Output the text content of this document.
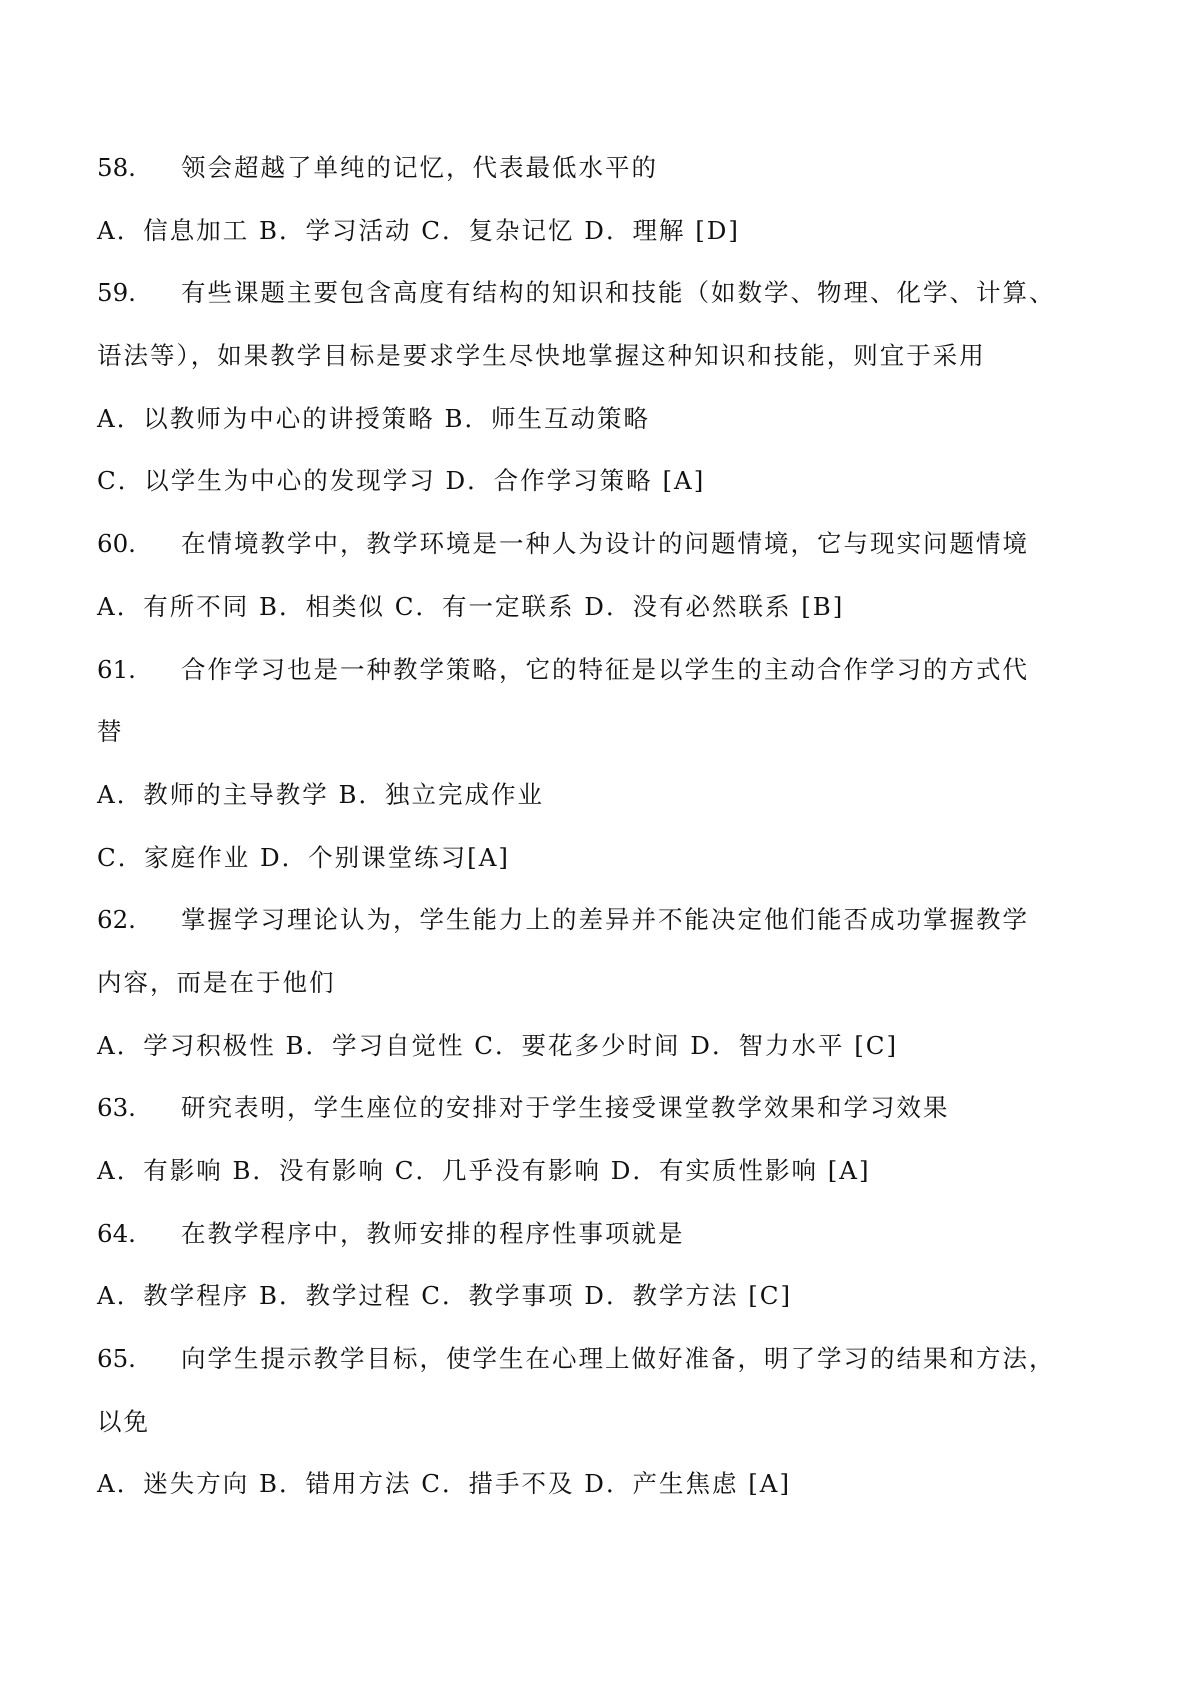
58. 领会超越了单纯的记忆，代表最低水平的
A．信息加工 B．学习活动 C．复杂记忆 D．理解 [D]
59. 有些课题主要包含高度有结构的知识和技能（如数学、物理、化学、计算、
语法等），如果教学目标是要求学生尽快地掌握这种知识和技能，则宜于采用
A．以教师为中心的讲授策略 B．师生互动策略
C．以学生为中心的发现学习 D．合作学习策略 [A]
60. 在情境教学中，教学环境是一种人为设计的问题情境，它与现实问题情境
A．有所不同 B．相类似 C．有一定联系 D．没有必然联系 [B]
61. 合作学习也是一种教学策略，它的特征是以学生的主动合作学习的方式代
替
A．教师的主导教学 B．独立完成作业
C．家庭作业 D．个别课堂练习[A]
62. 掌握学习理论认为，学生能力上的差异并不能决定他们能否成功掌握教学
内容，而是在于他们
A．学习积极性 B．学习自觉性 C．要花多少时间 D．智力水平 [C]
63. 研究表明，学生座位的安排对于学生接受课堂教学效果和学习效果
A．有影响 B．没有影响 C．几乎没有影响 D．有实质性影响 [A]
64. 在教学程序中，教师安排的程序性事项就是
A．教学程序 B．教学过程 C．教学事项 D．教学方法 [C]
65. 向学生提示教学目标，使学生在心理上做好准备，明了学习的结果和方法，
以免
A．迷失方向 B．错用方法 C．措手不及 D．产生焦虑 [A]
